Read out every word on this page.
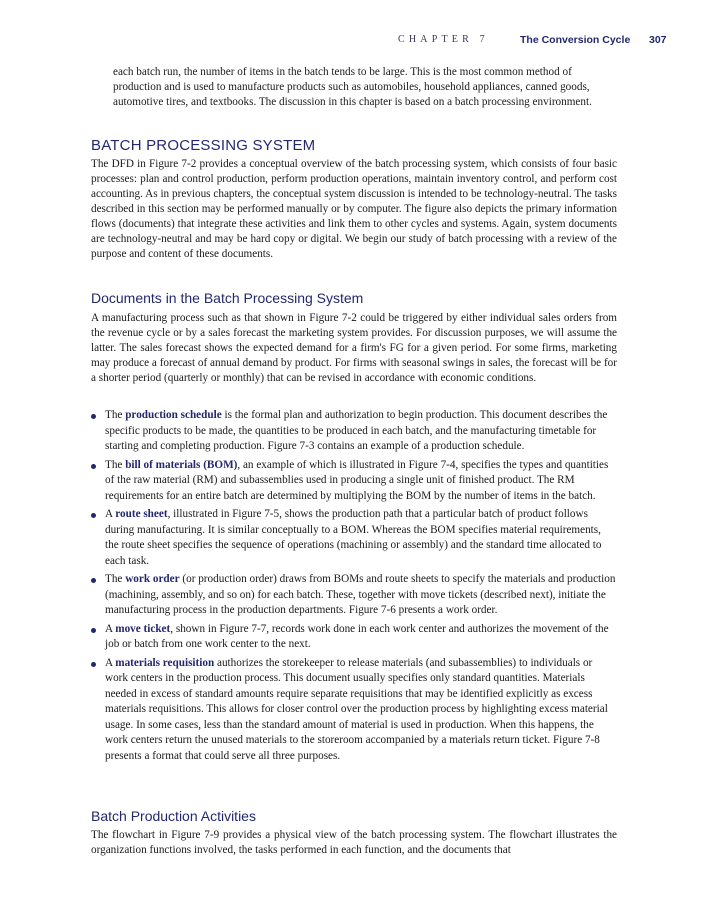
CHAPTER 7	The Conversion Cycle 307

each batch run, the number of items in the batch tends to be large. This is the most common method of production and is used to manufacture products such as automobiles, household appliances, canned goods, automotive tires, and textbooks. The discussion in this chapter is based on a batch processing environment.

BATCH PROCESSING SYSTEM

The DFD in Figure 7-2 provides a conceptual overview of the batch processing system, which consists of four basic processes: plan and control production, perform production operations, maintain inventory control, and perform cost accounting. As in previous chapters, the conceptual system discussion is intended to be technology-neutral. The tasks described in this section may be performed manually or by computer. The figure also depicts the primary information flows (documents) that integrate these activities and link them to other cycles and systems. Again, system documents are technology-neutral and may be hard copy or digital. We begin our study of batch processing with a review of the purpose and content of these documents.

Documents in the Batch Processing System

A manufacturing process such as that shown in Figure 7-2 could be triggered by either individual sales orders from the revenue cycle or by a sales forecast the marketing system provides. For discussion purposes, we will assume the latter. The sales forecast shows the expected demand for a firm's FG for a given period. For some firms, marketing may produce a forecast of annual demand by product. For firms with seasonal swings in sales, the forecast will be for a shorter period (quarterly or monthly) that can be revised in accordance with economic conditions.

The production schedule is the formal plan and authorization to begin production. This document describes the specific products to be made, the quantities to be produced in each batch, and the manufacturing timetable for starting and completing production. Figure 7-3 contains an example of a production schedule.
The bill of materials (BOM), an example of which is illustrated in Figure 7-4, specifies the types and quantities of the raw material (RM) and subassemblies used in producing a single unit of finished product. The RM requirements for an entire batch are determined by multiplying the BOM by the number of items in the batch.
A route sheet, illustrated in Figure 7-5, shows the production path that a particular batch of product follows during manufacturing. It is similar conceptually to a BOM. Whereas the BOM specifies material requirements, the route sheet specifies the sequence of operations (machining or assembly) and the standard time allocated to each task.
The work order (or production order) draws from BOMs and route sheets to specify the materials and production (machining, assembly, and so on) for each batch. These, together with move tickets (described next), initiate the manufacturing process in the production departments. Figure 7-6 presents a work order.
A move ticket, shown in Figure 7-7, records work done in each work center and authorizes the movement of the job or batch from one work center to the next.
A materials requisition authorizes the storekeeper to release materials (and subassemblies) to individuals or work centers in the production process. This document usually specifies only standard quantities. Materials needed in excess of standard amounts require separate requisitions that may be identified explicitly as excess materials requisitions. This allows for closer control over the production process by highlighting excess material usage. In some cases, less than the standard amount of material is used in production. When this happens, the work centers return the unused materials to the storeroom accompanied by a materials return ticket. Figure 7-8 presents a format that could serve all three purposes.
Batch Production Activities

The flowchart in Figure 7-9 provides a physical view of the batch processing system. The flowchart illustrates the organization functions involved, the tasks performed in each function, and the documents that
